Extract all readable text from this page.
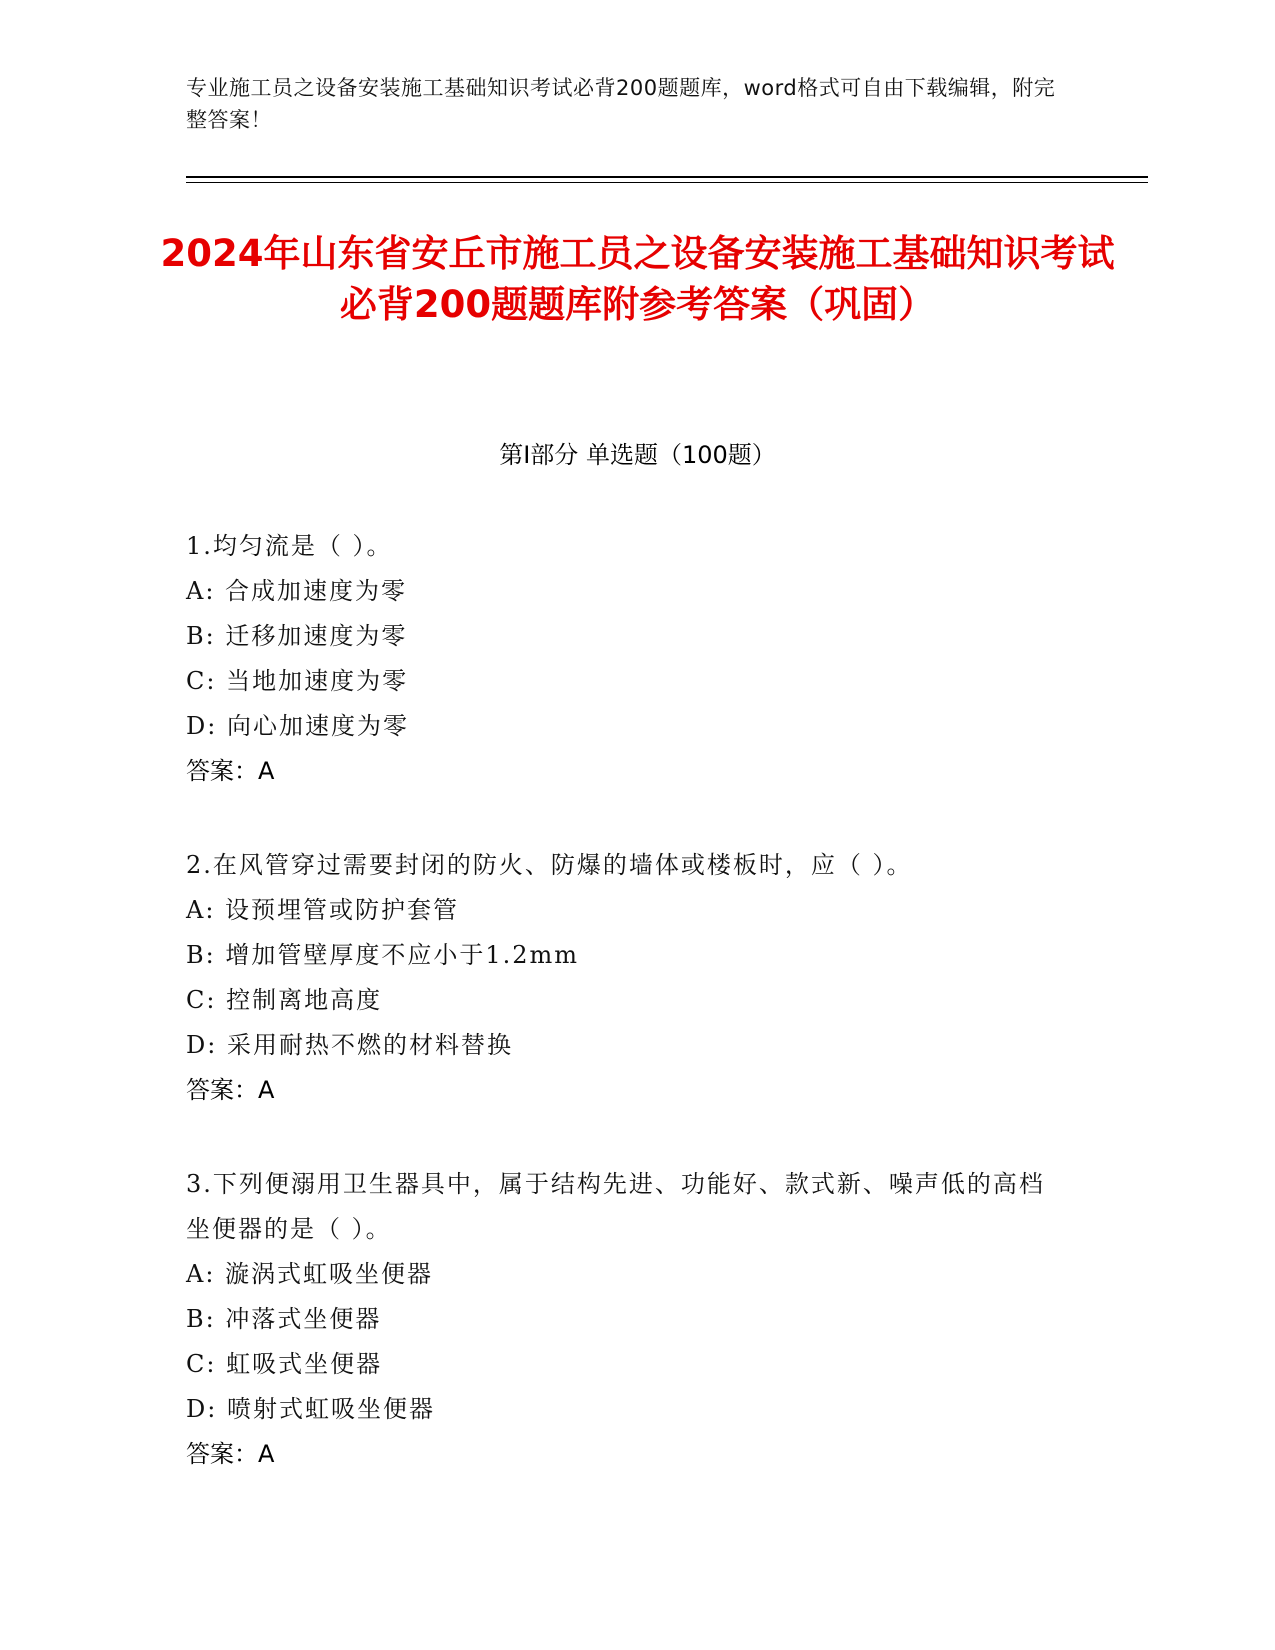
专业施工员之设备安装施工基础知识考试必背200题题库，word格式可自由下载编辑，附完整答案！
2024年山东省安丘市施工员之设备安装施工基础知识考试必背200题题库附参考答案（巩固）
第I部分 单选题（100题）
1.均匀流是（ ）。
A: 合成加速度为零
B: 迁移加速度为零
C: 当地加速度为零
D: 向心加速度为零
答案：A
2.在风管穿过需要封闭的防火、防爆的墙体或楼板时，应（ ）。
A: 设预埋管或防护套管
B: 增加管壁厚度不应小于1.2mm
C: 控制离地高度
D: 采用耐热不燃的材料替换
答案：A
3.下列便溺用卫生器具中，属于结构先进、功能好、款式新、噪声低的高档坐便器的是（ ）。
A: 漩涡式虹吸坐便器
B: 冲落式坐便器
C: 虹吸式坐便器
D: 喷射式虹吸坐便器
答案：A
